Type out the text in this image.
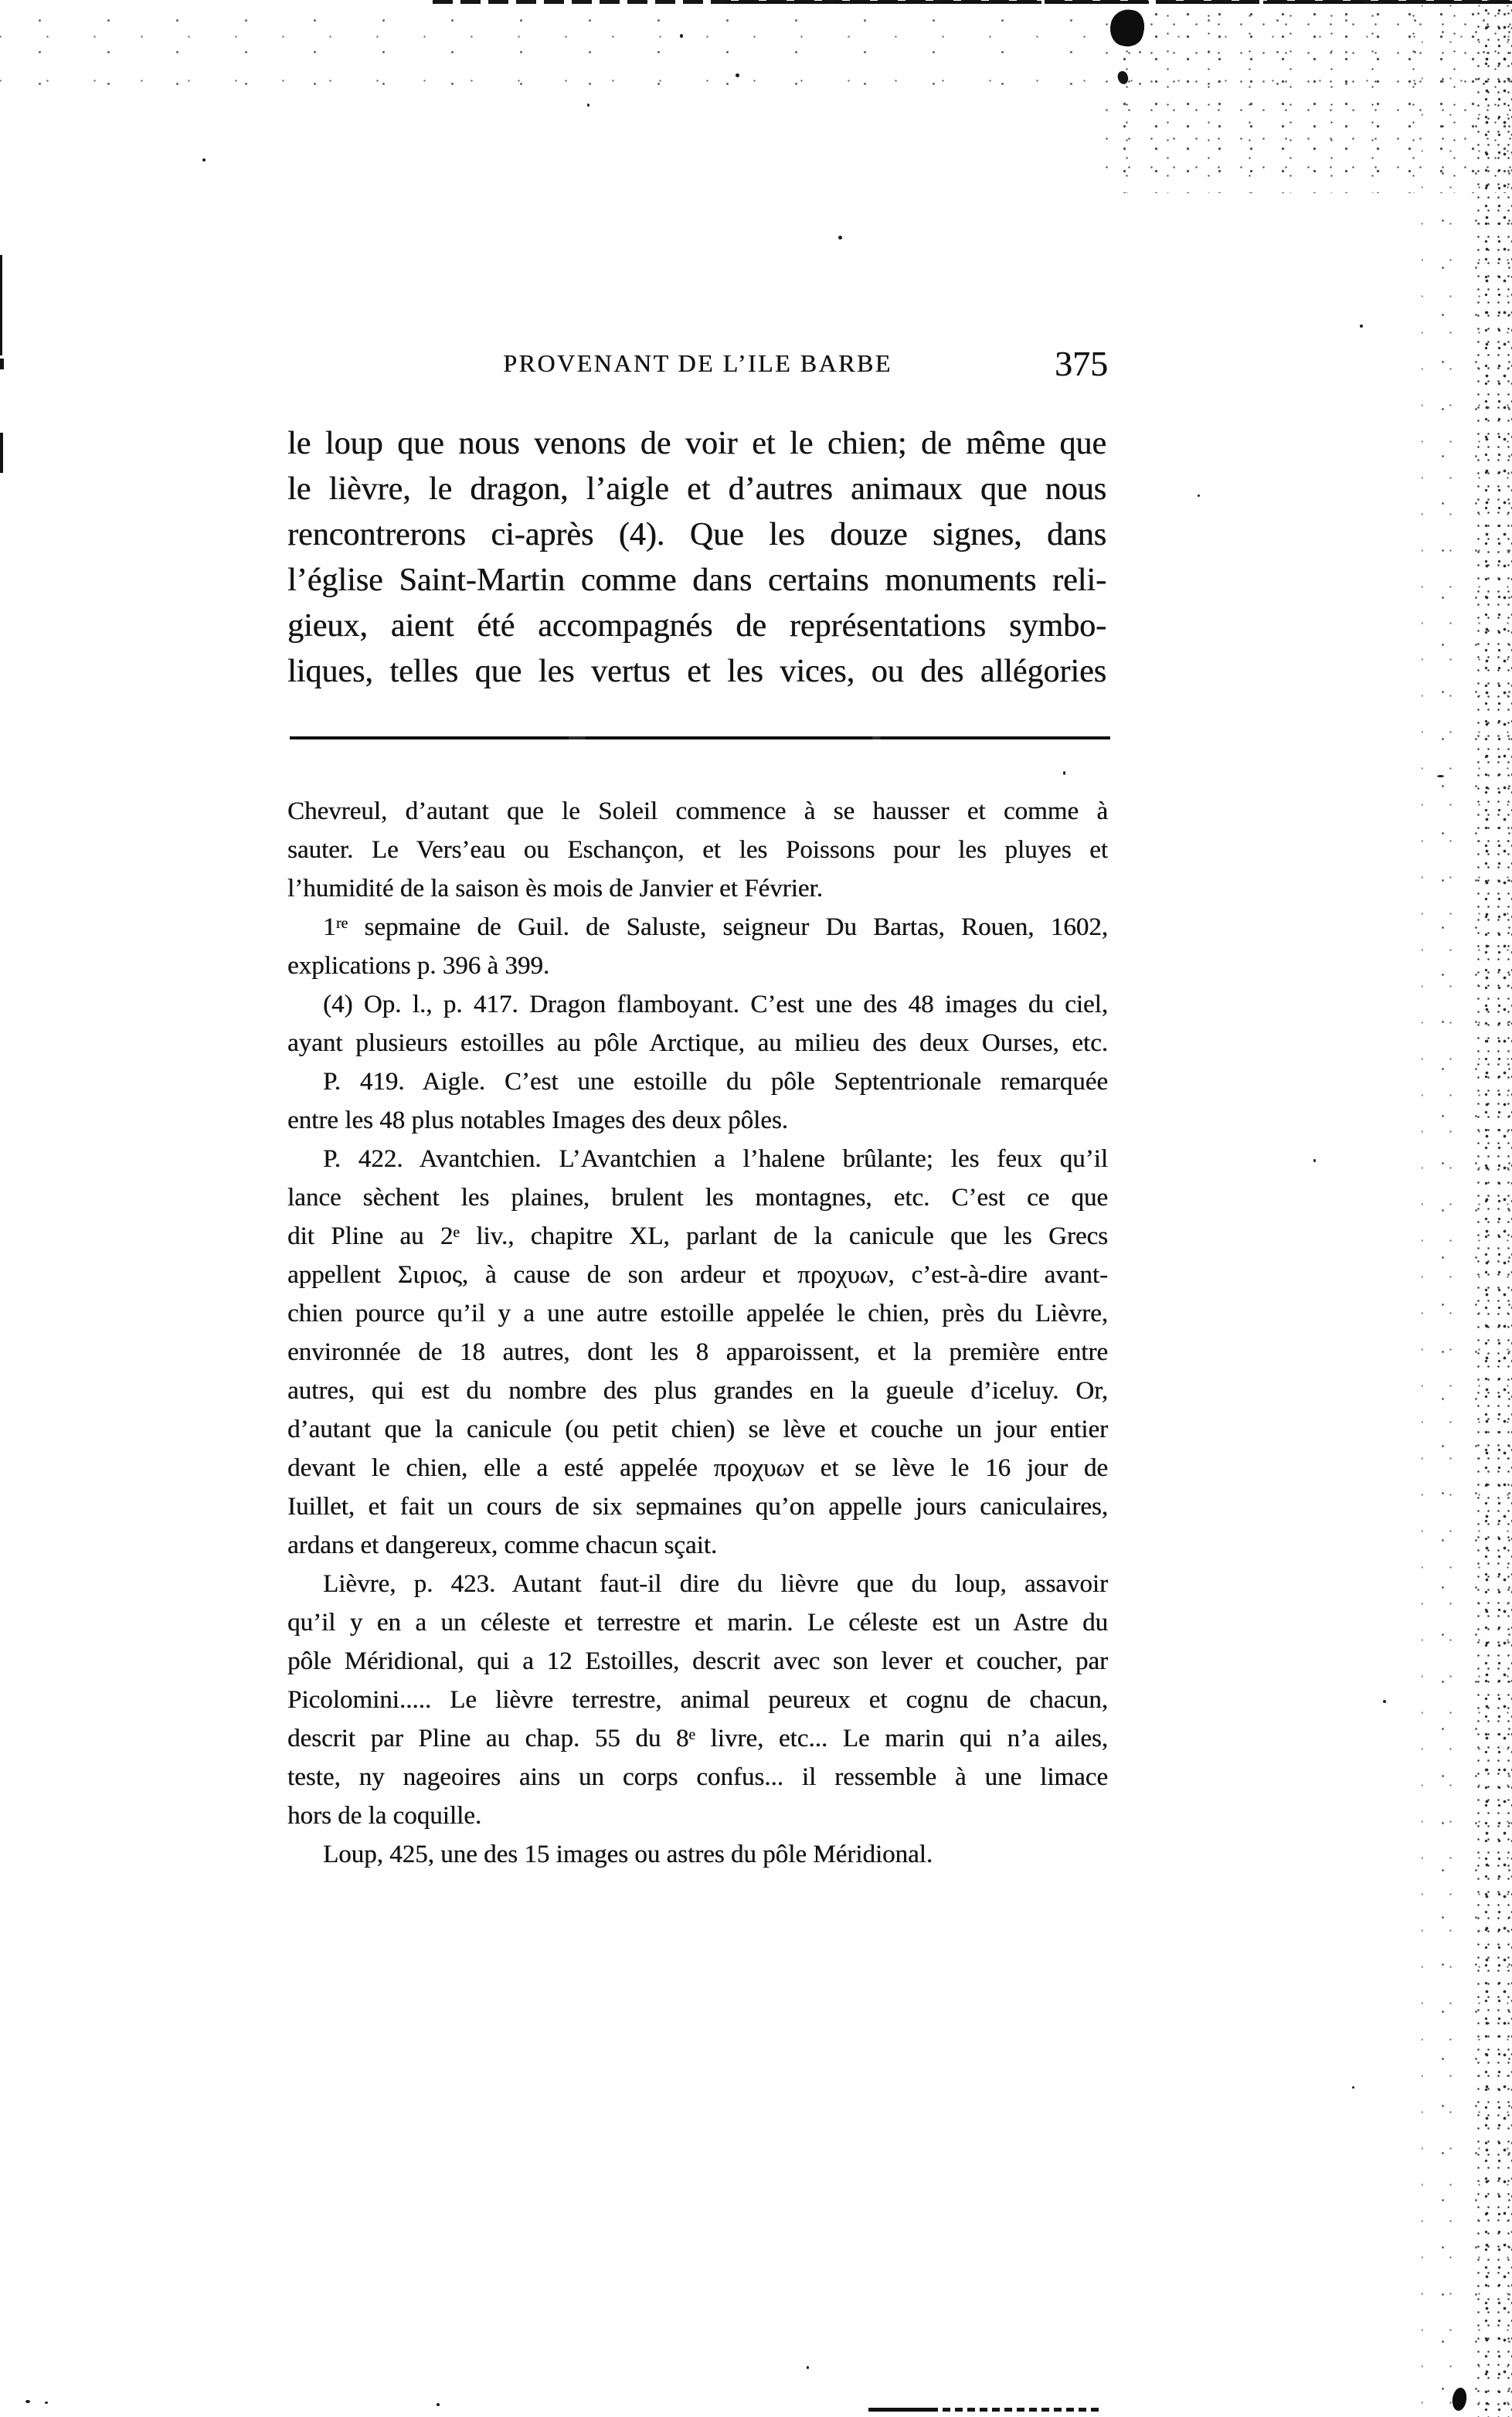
PROVENANT DE L’ILE BARBE	375
le loup que nous venons de voir et le chien; de même que
le lièvre, le dragon, l’aigle et d’autres animaux que nous
rencontrerons ci-après (4). Que les douze signes, dans
l’église Saint-Martin comme dans certains monuments reli-
gieux, aient été accompagnés de représentations symbo-
liques, telles que les vertus et les vices, ou des allégories
Chevreul, d’autant que le Soleil commence à se hausser et comme à
sauter. Le Vers’eau ou Eschançon, et les Poissons pour les pluyes et
l’humidité de la saison ès mois de Janvier et Février.
1ʳᵉ sepmaine de Guil. de Saluste, seigneur Du Bartas, Rouen, 1602,
explications p. 396 à 399.
(4) Op. l., p. 417. Dragon flamboyant. C’est une des 48 images du ciel,
ayant plusieurs estoilles au pôle Arctique, au milieu des deux Ourses, etc.
P. 419. Aigle. C’est une estoille du pôle Septentrionale remarquée
entre les 48 plus notables Images des deux pôles.
P. 422. Avantchien. L’Avantchien a l’halene brûlante; les feux qu’il
lance sèchent les plaines, brulent les montagnes, etc. C’est ce que
dit Pline au 2ᵉ liv., chapitre XL, parlant de la canicule que les Grecs
appellent Σιριος, à cause de son ardeur et προχυων, c’est-à-dire avant-
chien pource qu’il y a une autre estoille appelée le chien, près du Lièvre,
environnée de 18 autres, dont les 8 apparoissent, et la première entre
autres, qui est du nombre des plus grandes en la gueule d’iceluy. Or,
d’autant que la canicule (ou petit chien) se lève et couche un jour entier
devant le chien, elle a esté appelée προχυων et se lève le 16 jour de
Iuillet, et fait un cours de six sepmaines qu’on appelle jours caniculaires,
ardans et dangereux, comme chacun sçait.
Lièvre, p. 423. Autant faut-il dire du lièvre que du loup, assavoir
qu’il y en a un céleste et terrestre et marin. Le céleste est un Astre du
pôle Méridional, qui a 12 Estoilles, descrit avec son lever et coucher, par
Picolomini..... Le lièvre terrestre, animal peureux et cognu de chacun,
descrit par Pline au chap. 55 du 8ᵉ livre, etc... Le marin qui n’a ailes,
teste, ny nageoires ains un corps confus... il ressemble à une limace
hors de la coquille.
Loup, 425, une des 15 images ou astres du pôle Méridional.
